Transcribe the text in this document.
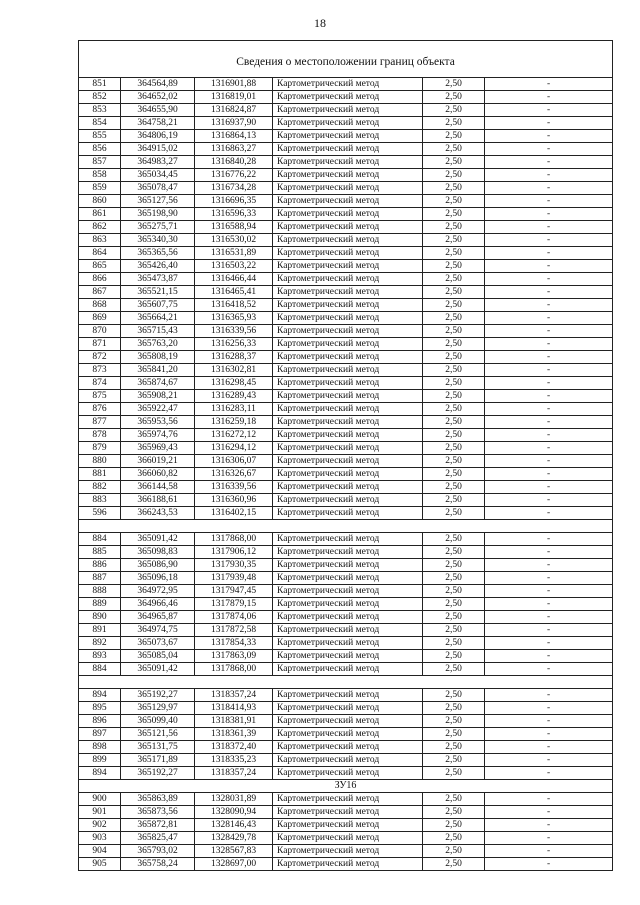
18
Сведения о местоположении границ объекта					
851	364564,89	1316901,88	Картометрический метод	2,50	-
852	364652,02	1316819,01	Картометрический метод	2,50	-
853	364655,90	1316824,87	Картометрический метод	2,50	-
854	364758,21	1316937,90	Картометрический метод	2,50	-
855	364806,19	1316864,13	Картометрический метод	2,50	-
856	364915,02	1316863,27	Картометрический метод	2,50	-
857	364983,27	1316840,28	Картометрический метод	2,50	-
858	365034,45	1316776,22	Картометрический метод	2,50	-
859	365078,47	1316734,28	Картометрический метод	2,50	-
860	365127,56	1316696,35	Картометрический метод	2,50	-
861	365198,90	1316596,33	Картометрический метод	2,50	-
862	365275,71	1316588,94	Картометрический метод	2,50	-
863	365340,30	1316530,02	Картометрический метод	2,50	-
864	365365,56	1316531,89	Картометрический метод	2,50	-
865	365426,40	1316503,22	Картометрический метод	2,50	-
866	365473,87	1316466,44	Картометрический метод	2,50	-
867	365521,15	1316465,41	Картометрический метод	2,50	-
868	365607,75	1316418,52	Картометрический метод	2,50	-
869	365664,21	1316365,93	Картометрический метод	2,50	-
870	365715,43	1316339,56	Картометрический метод	2,50	-
871	365763,20	1316256,33	Картометрический метод	2,50	-
872	365808,19	1316288,37	Картометрический метод	2,50	-
873	365841,20	1316302,81	Картометрический метод	2,50	-
874	365874,67	1316298,45	Картометрический метод	2,50	-
875	365908,21	1316289,43	Картометрический метод	2,50	-
876	365922,47	1316283,11	Картометрический метод	2,50	-
877	365953,56	1316259,18	Картометрический метод	2,50	-
878	365974,76	1316272,12	Картометрический метод	2,50	-
879	365969,43	1316294,12	Картометрический метод	2,50	-
880	366019,21	1316306,07	Картометрический метод	2,50	-
881	366060,82	1316326,67	Картометрический метод	2,50	-
882	366144,58	1316339,56	Картометрический метод	2,50	-
883	366188,61	1316360,96	Картометрический метод	2,50	-
596	366243,53	1316402,15	Картометрический метод	2,50	-

884	365091,42	1317868,00	Картометрический метод	2,50	-
885	365098,83	1317906,12	Картометрический метод	2,50	-
886	365086,90	1317930,35	Картометрический метод	2,50	-
887	365096,18	1317939,48	Картометрический метод	2,50	-
888	364972,95	1317947,45	Картометрический метод	2,50	-
889	364966,46	1317879,15	Картометрический метод	2,50	-
890	364965,87	1317874,06	Картометрический метод	2,50	-
891	364974,75	1317872,58	Картометрический метод	2,50	-
892	365073,67	1317854,33	Картометрический метод	2,50	-
893	365085,04	1317863,09	Картометрический метод	2,50	-
884	365091,42	1317868,00	Картометрический метод	2,50	-

894	365192,27	1318357,24	Картометрический метод	2,50	-
895	365129,97	1318414,93	Картометрический метод	2,50	-
896	365099,40	1318381,91	Картометрический метод	2,50	-
897	365121,56	1318361,39	Картометрический метод	2,50	-
898	365131,75	1318372,40	Картометрический метод	2,50	-
899	365171,89	1318335,23	Картометрический метод	2,50	-
894	365192,27	1318357,24	Картометрический метод	2,50	-
ЗУ16					
900	365863,89	1328031,89	Картометрический метод	2,50	-
901	365873,56	1328090,94	Картометрический метод	2,50	-
902	365872,81	1328146,43	Картометрический метод	2,50	-
903	365825,47	1328429,78	Картометрический метод	2,50	-
904	365793,02	1328567,83	Картометрический метод	2,50	-
905	365758,24	1328697,00	Картометрический метод	2,50	-
